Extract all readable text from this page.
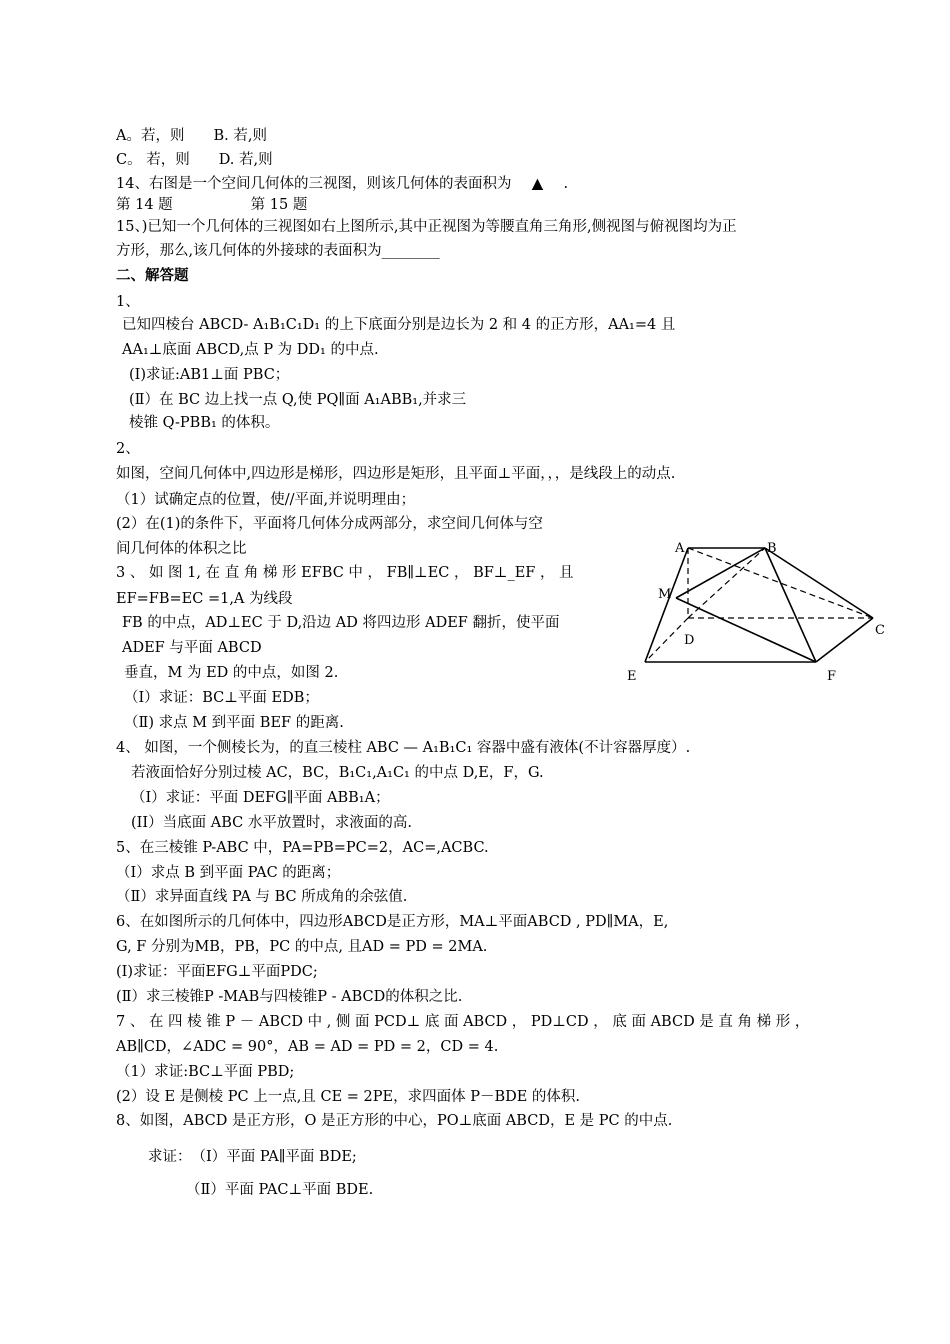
A。若，则　　B. 若,则
C。 若，则　　D. 若,则
14、右图是一个空间几何体的三视图，则该几何体的表面积为 ▲ .
第 14 题	第 15 题
15、)已知一个几何体的三视图如右上图所示,其中正视图为等腰直角三角形,侧视图与俯视图均为正
方形，那么,该几何体的外接球的表面积为________
二、解答题
1、
已知四棱台 ABCD- A₁B₁C₁D₁ 的上下底面分别是边长为 2 和 4 的正方形，AA₁=4 且
AA₁⊥底面 ABCD,点 P 为 DD₁ 的中点.
(I)求证:AB1⊥面 PBC；
(Ⅱ）在 BC 边上找一点 Q,使 PQ∥面 A₁ABB₁,并求三
棱锥 Q-PBB₁ 的体积。
2、
如图，空间几何体中,四边形是梯形，四边形是矩形，且平面⊥平面，，，是线段上的动点.
（1）试确定点的位置，使//平面,并说明理由；
(2）在(1)的条件下，平面将几何体分成两部分，求空间几何体与空
间几何体的体积之比
3 、 如 图 1, 在 直 角 梯 形 EFBC 中 ， FB∥⊥EC ， BF⊥_EF ， 且
EF=FB=EC =1,A 为线段
FB 的中点，AD⊥EC 于 D,沿边 AD 将四边形 ADEF 翻折，使平面
ADEF 与平面 ABCD
垂直，M 为 ED 的中点，如图 2.
（I）求证：BC⊥平面 EDB；
（Ⅱ) 求点 M 到平面 BEF 的距离.
4、 如图，一个侧棱长为，的直三棱柱 ABC — A₁B₁C₁ 容器中盛有液体(不计容器厚度）.
若液面恰好分别过棱 AC，BC，B₁C₁,A₁C₁ 的中点 D,E，F，G.
（I）求证：平面 DEFG∥平面 ABB₁A；
(II）当底面 ABC 水平放置时，求液面的高.
5、在三棱锥 P-ABC 中，PA=PB=PC=2，AC=,ACBC.
（I）求点 B 到平面 PAC 的距离；
（Ⅱ）求异面直线 PA 与 BC 所成角的余弦值.
6、在如图所示的几何体中，四边形ABCD是正方形，MA⊥平面ABCD , PD∥MA，E,
G, F 分别为MB，PB，PC 的中点, 且AD = PD = 2MA.
(Ⅰ)求证：平面EFG⊥平面PDC;
(Ⅱ）求三棱锥P -MAB与四棱锥P - ABCD的体积之比.
7 、 在 四 棱 锥 P － ABCD 中 , 侧 面 PCD⊥ 底 面 ABCD ， PD⊥CD ， 底 面 ABCD 是 直 角 梯 形 ，
AB∥CD，∠ADC = 90°，AB = AD = PD = 2，CD = 4.
（1）求证:BC⊥平面 PBD;
(2）设 E 是侧棱 PC 上一点,且 CE = 2PE，求四面体 P－BDE 的体积.
8、如图，ABCD 是正方形，O 是正方形的中心，PO⊥底面 ABCD，E 是 PC 的中点.
求证：　（Ⅰ）平面 PA∥平面 BDE;
（Ⅱ）平面 PAC⊥平面 BDE.
A	B
M
C
D
E	F
